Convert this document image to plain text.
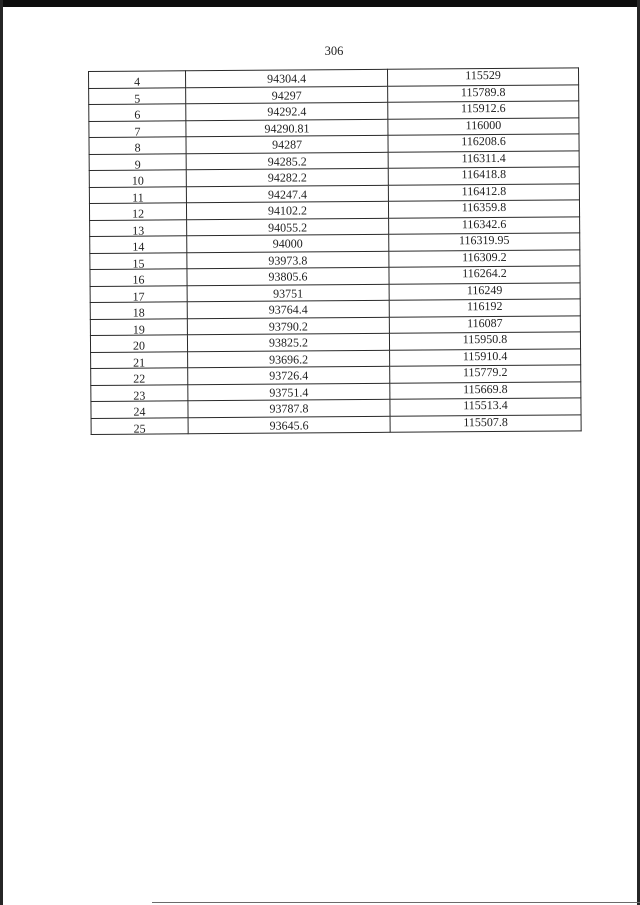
306
4	94304.4	115529
5	94297	115789.8
6	94292.4	115912.6
7	94290.81	116000
8	94287	116208.6
9	94285.2	116311.4
10	94282.2	116418.8
11	94247.4	116412.8
12	94102.2	116359.8
13	94055.2	116342.6
14	94000	116319.95
15	93973.8	116309.2
16	93805.6	116264.2
17	93751	116249
18	93764.4	116192
19	93790.2	116087
20	93825.2	115950.8
21	93696.2	115910.4
22	93726.4	115779.2
23	93751.4	115669.8
24	93787.8	115513.4
25	93645.6	115507.8
